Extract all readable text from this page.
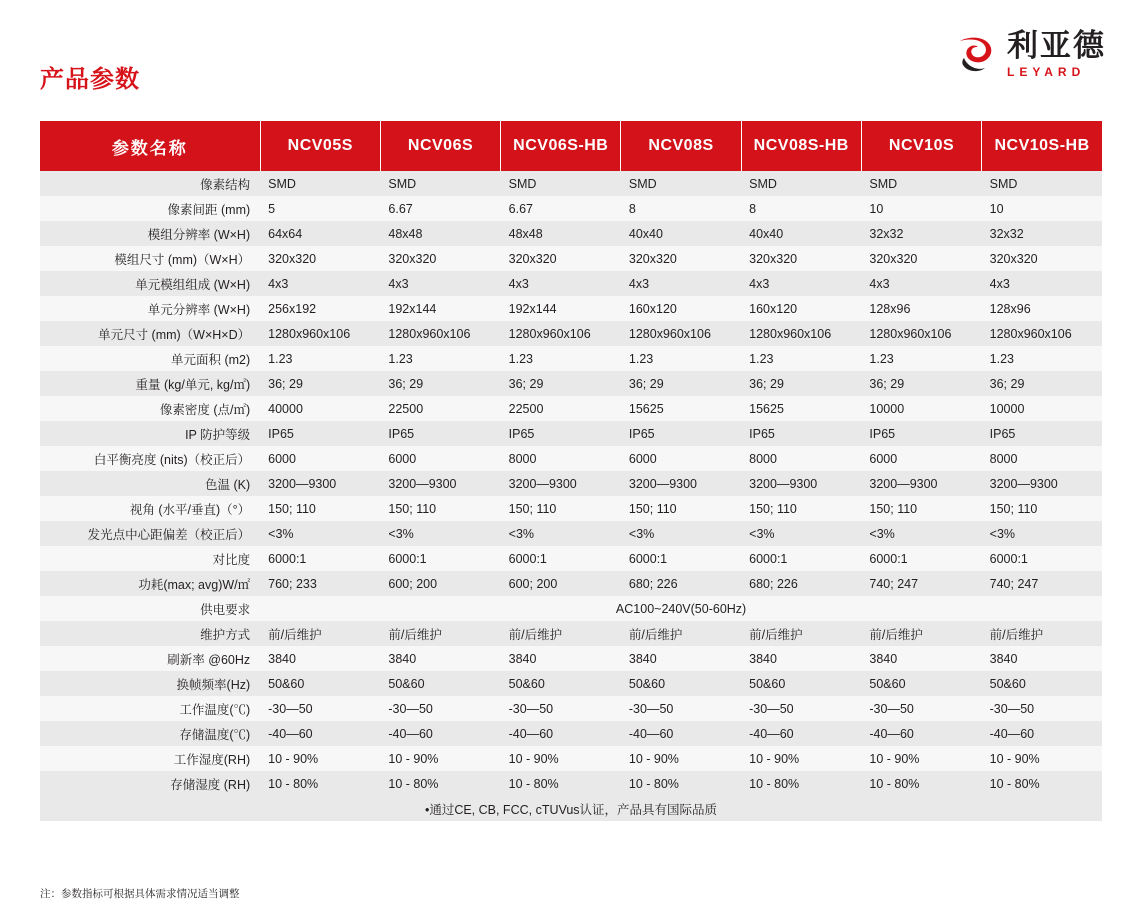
产品参数
利亚德
LEYARD
参数名称	NCV05S	NCV06S	NCV06S-HB	NCV08S	NCV08S-HB	NCV10S	NCV10S-HB
像素结构	SMD	SMD	SMD	SMD	SMD	SMD	SMD
像素间距 (mm)	5	6.67	6.67	8	8	10	10
模组分辨率 (W×H)	64x64	48x48	48x48	40x40	40x40	32x32	32x32
模组尺寸 (mm)（W×H）	320x320	320x320	320x320	320x320	320x320	320x320	320x320
单元模组组成 (W×H)	4x3	4x3	4x3	4x3	4x3	4x3	4x3
单元分辨率 (W×H)	256x192	192x144	192x144	160x120	160x120	128x96	128x96
单元尺寸 (mm)（W×H×D）	1280x960x106	1280x960x106	1280x960x106	1280x960x106	1280x960x106	1280x960x106	1280x960x106
单元面积 (m2)	1.23	1.23	1.23	1.23	1.23	1.23	1.23
重量 (kg/单元, kg/㎡)	36; 29	36; 29	36; 29	36; 29	36; 29	36; 29	36; 29
像素密度 (点/㎡)	40000	22500	22500	15625	15625	10000	10000
IP 防护等级	IP65	IP65	IP65	IP65	IP65	IP65	IP65
白平衡亮度 (nits)（校正后）	6000	6000	8000	6000	8000	6000	8000
色温 (K)	3200—9300	3200—9300	3200—9300	3200—9300	3200—9300	3200—9300	3200—9300
视角 (水平/垂直)（°）	150; 110	150; 110	150; 110	150; 110	150; 110	150; 110	150; 110
发光点中心距偏差（校正后）	<3%	<3%	<3%	<3%	<3%	<3%	<3%
对比度	6000:1	6000:1	6000:1	6000:1	6000:1	6000:1	6000:1
功耗(max; avg)W/㎡	760; 233	600; 200	600; 200	680; 226	680; 226	740; 247	740; 247
供电要求	AC100~240V(50-60Hz)						
维护方式	前/后维护	前/后维护	前/后维护	前/后维护	前/后维护	前/后维护	前/后维护
刷新率 @60Hz	3840	3840	3840	3840	3840	3840	3840
换帧频率(Hz)	50&60	50&60	50&60	50&60	50&60	50&60	50&60
工作温度(℃)	-30—50	-30—50	-30—50	-30—50	-30—50	-30—50	-30—50
存储温度(℃)	-40—60	-40—60	-40—60	-40—60	-40—60	-40—60	-40—60
工作湿度(RH)	10 - 90%	10 - 90%	10 - 90%	10 - 90%	10 - 90%	10 - 90%	10 - 90%
存储湿度 (RH)	10 - 80%	10 - 80%	10 - 80%	10 - 80%	10 - 80%	10 - 80%	10 - 80%
•通过CE, CB, FCC, cTUVus认证，产品具有国际品质							
注：参数指标可根据具体需求情况适当调整
